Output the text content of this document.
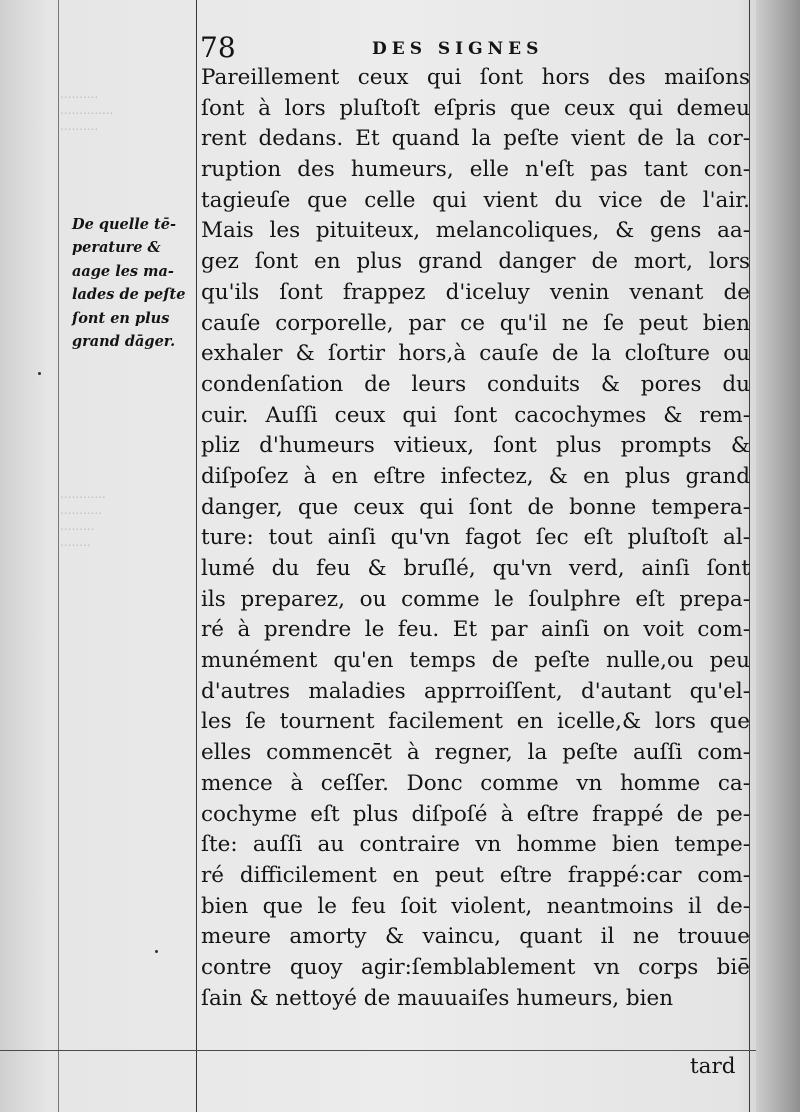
..........
..............
..........
............
...........
.........
........
78	DES SIGNES
De quelle tē-
perature &
aage les ma-
lades de peſte
ſont en plus
grand dāger.
Pareillement ceux qui ſont hors des maiſons
ſont à lors pluſtoſt eſpris que ceux qui demeu
rent dedans. Et quand la peſte vient de la cor-
ruption des humeurs, elle n'eſt pas tant con-
tagieuſe que celle qui vient du vice de l'air.
Mais les pituiteux, melancoliques, & gens aa-
gez ſont en plus grand danger de mort, lors
qu'ils ſont frappez d'iceluy venin venant de
cauſe corporelle, par ce qu'il ne ſe peut bien
exhaler & ſortir hors,à cauſe de la cloſture ou
condenſation de leurs conduits & pores du
cuir. Auſſi ceux qui ſont cacochymes & rem-
pliz d'humeurs vitieux, ſont plus prompts &
diſpoſez à en eſtre infectez, & en plus grand
danger, que ceux qui ſont de bonne tempera-
ture: tout ainſi qu'vn fagot ſec eſt pluſtoſt al-
lumé du feu & bruſlé, qu'vn verd, ainſi ſont
ils preparez, ou comme le ſoulphre eſt prepa-
ré à prendre le feu. Et par ainſi on voit com-
munément qu'en temps de peſte nulle,ou peu
d'autres maladies apprroiſſent, d'autant qu'el-
les ſe tournent facilement en icelle,& lors que
elles commencēt à regner, la peſte auſſi com-
mence à ceſſer. Donc comme vn homme ca-
cochyme eſt plus diſpoſé à eſtre frappé de pe-
ſte: auſſi au contraire vn homme bien tempe-
ré difficilement en peut eſtre frappé:car com-
bien que le feu ſoit violent, neantmoins il de-
meure amorty & vaincu, quant il ne trouue
contre quoy agir:ſemblablement vn corps biē
ſain & nettoyé de mauuaiſes humeurs, bien
tard
